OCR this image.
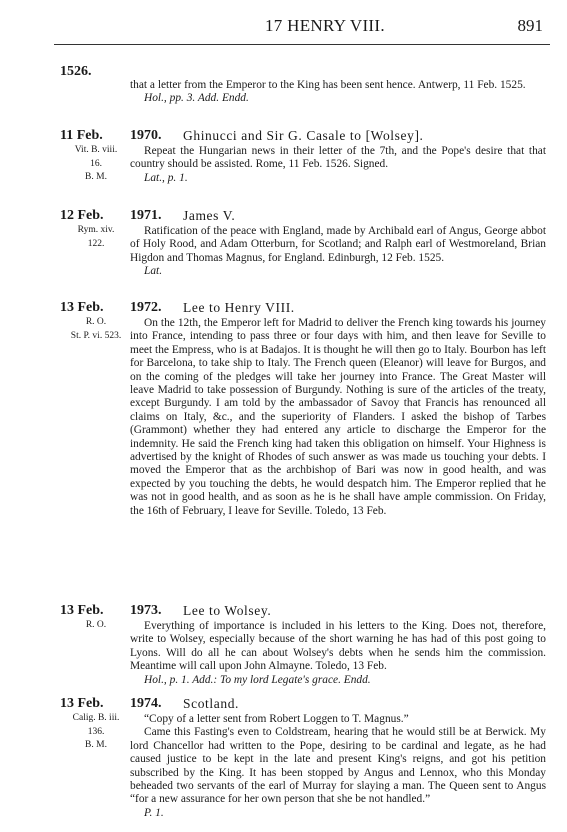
17 HENRY VIII.	891
1526.

that a letter from the Emperor to the King has been sent hence. Antwerp, 11 Feb. 1525.

Hol., pp. 3. Add. Endd.

11 Feb. 1970. Ghinucci and Sir G. Casale to [Wolsey].
Vit. B. viii.
16.
B. M.

Repeat the Hungarian news in their letter of the 7th, and the Pope's desire that that country should be assisted. Rome, 11 Feb. 1526. Signed.

Lat., p. 1.

12 Feb. 1971. James V.
Rym. xiv.
122.

Ratification of the peace with England, made by Archibald earl of Angus, George abbot of Holy Rood, and Adam Otterburn, for Scotland; and Ralph earl of Westmoreland, Brian Higdon and Thomas Magnus, for England. Edinburgh, 12 Feb. 1525.

Lat.

13 Feb. 1972. Lee to Henry VIII.
R. O.
St. P. vi. 523.

On the 12th, the Emperor left for Madrid to deliver the French king towards his journey into France, intending to pass three or four days with him, and then leave for Seville to meet the Empress, who is at Badajos. It is thought he will then go to Italy. Bourbon has left for Barcelona, to take ship to Italy. The French queen (Eleanor) will leave for Burgos, and on the coming of the pledges will take her journey into France. The Great Master will leave Madrid to take possession of Burgundy. Nothing is sure of the articles of the treaty, except Burgundy. I am told by the ambassador of Savoy that Francis has renounced all claims on Italy, &c., and the superiority of Flanders. I asked the bishop of Tarbes (Grammont) whether they had entered any article to discharge the Emperor for the indemnity. He said the French king had taken this obligation on himself. Your Highness is advertised by the knight of Rhodes of such answer as was made us touching your debts. I moved the Emperor that as the archbishop of Bari was now in good health, and was expected by you touching the debts, he would despatch him. The Emperor replied that he was not in good health, and as soon as he is he shall have ample commission. On Friday, the 16th of February, I leave for Seville. Toledo, 13 Feb.

13 Feb. 1973. Lee to Wolsey.
R. O.	Everything of importance is included in his letters to the King. Does not, therefore, write to Wolsey, especially because of the short warning he has had of this post going to Lyons. Will do all he can about Wolsey's debts when he sends him the commission. Meantime will call upon John Almayne. Toledo, 13 Feb.

Hol., p. 1. Add.: To my lord Legate's grace. Endd.

13 Feb. 1974. Scotland.
Calig. B. iii.
136.
B. M.

“Copy of a letter sent from Robert Loggen to T. Magnus.”

Came this Fasting's even to Coldstream, hearing that he would still be at Berwick. My lord Chancellor had written to the Pope, desiring to be cardinal and legate, as he had caused justice to be kept in the late and present King's reigns, and got his petition subscribed by the King. It has been stopped by Angus and Lennox, who this Monday beheaded two servants of the earl of Murray for slaying a man. The Queen sent to Angus “for a new assurance for her own person that she be not handled.”

P. 1.
